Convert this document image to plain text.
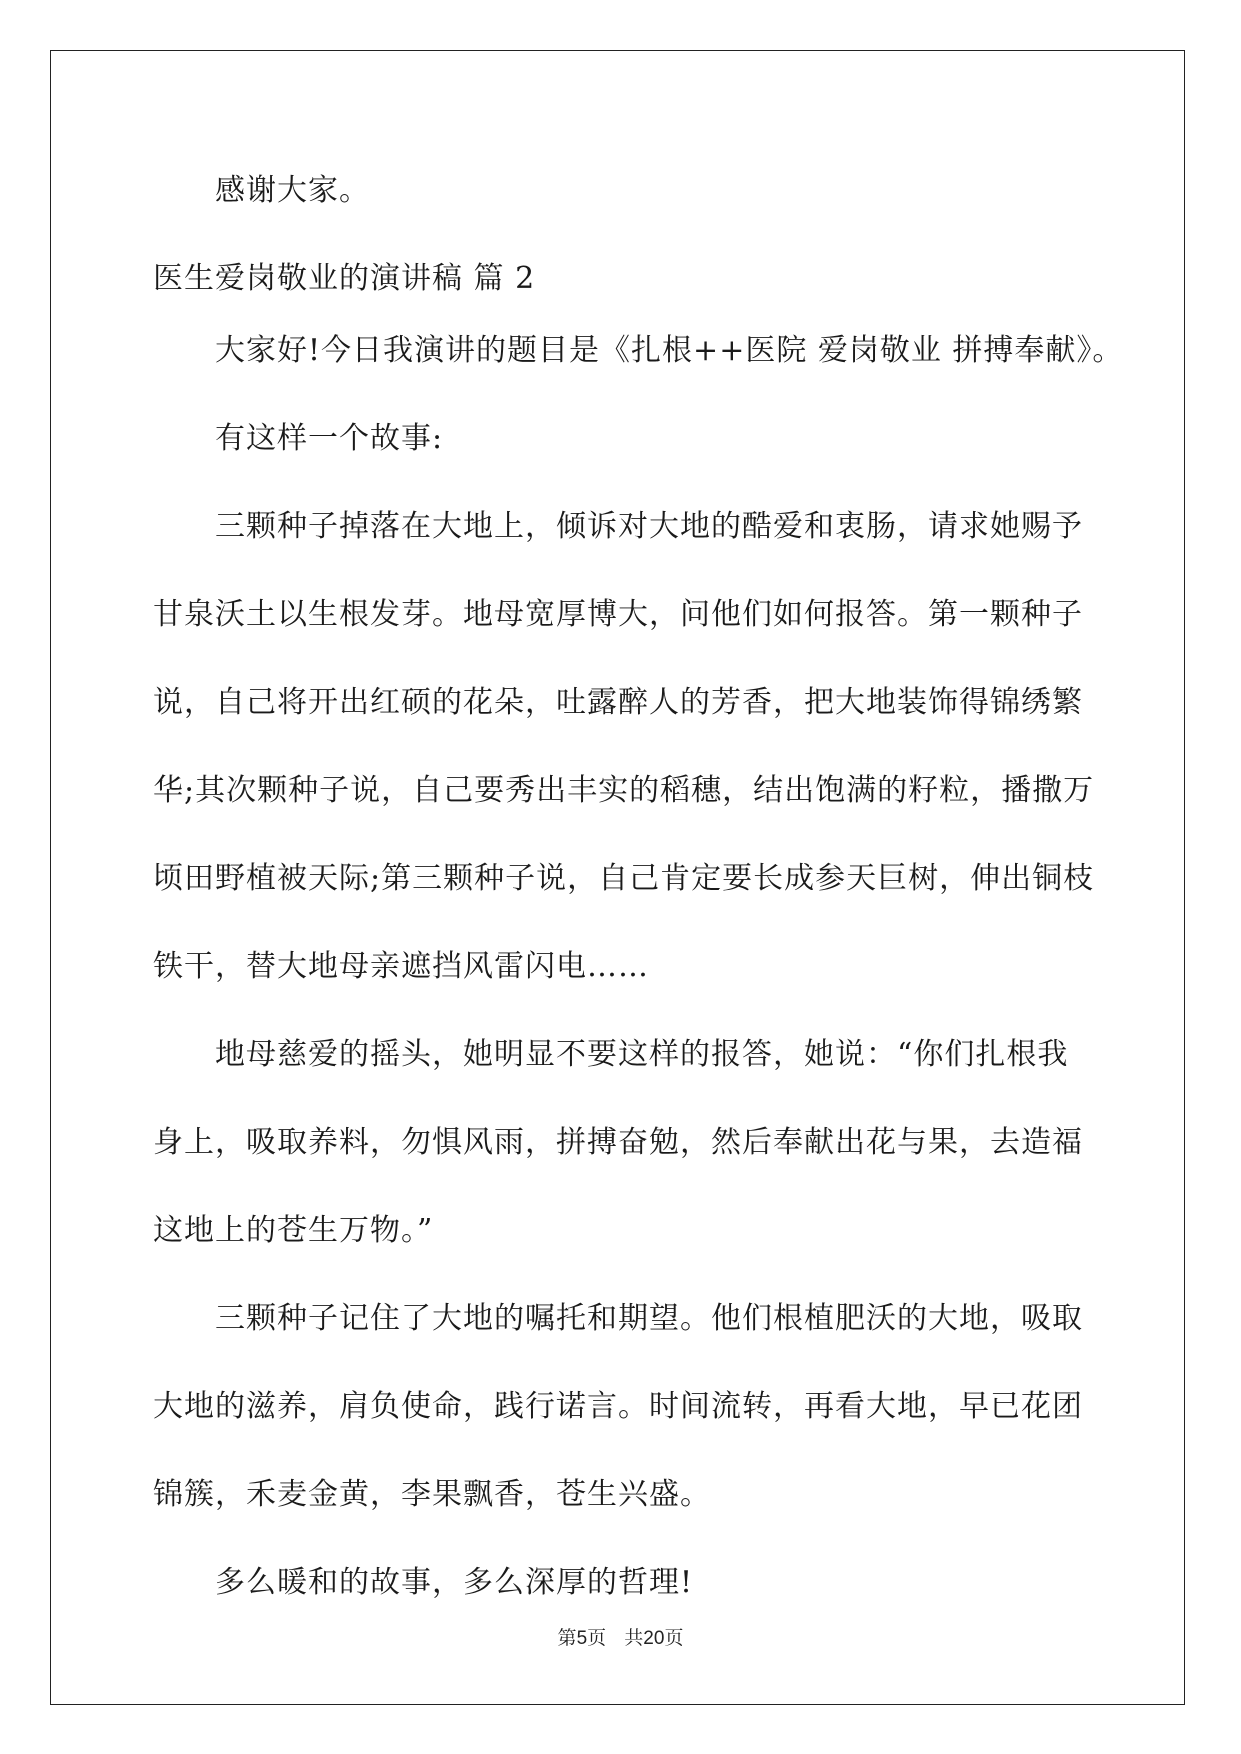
感谢大家。
医生爱岗敬业的演讲稿 篇 2
大家好!今日我演讲的题目是《扎根++医院 爱岗敬业 拼搏奉献》。
有这样一个故事:
三颗种子掉落在大地上，倾诉对大地的酷爱和衷肠，请求她赐予
甘泉沃土以生根发芽。地母宽厚博大，问他们如何报答。第一颗种子
说，自己将开出红硕的花朵，吐露醉人的芳香，把大地装饰得锦绣繁
华;其次颗种子说，自己要秀出丰实的稻穗，结出饱满的籽粒，播撒万
顷田野植被天际;第三颗种子说，自己肯定要长成参天巨树，伸出铜枝
铁干，替大地母亲遮挡风雷闪电……
地母慈爱的摇头，她明显不要这样的报答，她说：“你们扎根我
身上，吸取养料，勿惧风雨，拼搏奋勉，然后奉献出花与果，去造福
这地上的苍生万物。”
三颗种子记住了大地的嘱托和期望。他们根植肥沃的大地，吸取
大地的滋养，肩负使命，践行诺言。时间流转，再看大地，早已花团
锦簇，禾麦金黄，李果飘香，苍生兴盛。
多么暖和的故事，多么深厚的哲理!
第5页 共20页
